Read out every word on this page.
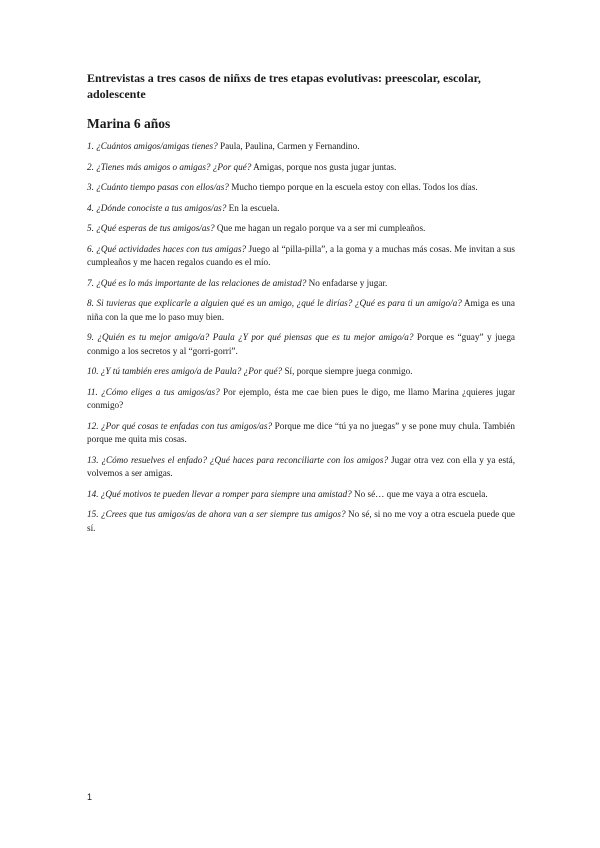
Entrevistas a tres casos de niñxs de tres etapas evolutivas: preescolar, escolar, adolescente
Marina 6 años

1. ¿Cuántos amigos/amigas tienes? Paula, Paulina, Carmen y Fernandino.

2. ¿Tienes más amigos o amigas? ¿Por qué? Amigas, porque nos gusta jugar juntas.

3. ¿Cuánto tiempo pasas con ellos/as? Mucho tiempo porque en la escuela estoy con ellas. Todos los días.

4. ¿Dónde conociste a tus amigos/as? En la escuela.

5. ¿Qué esperas de tus amigos/as? Que me hagan un regalo porque va a ser mi cumpleaños.

6. ¿Qué actividades haces con tus amigas? Juego al “pilla-pilla”, a la goma y a muchas más cosas. Me invitan a sus cumpleaños y me hacen regalos cuando es el mío.

7. ¿Qué es lo más importante de las relaciones de amistad? No enfadarse y jugar.

8. Si tuvieras que explicarle a alguien qué es un amigo, ¿qué le dirías? ¿Qué es para ti un amigo/a? Amiga es una niña con la que me lo paso muy bien.

9. ¿Quién es tu mejor amigo/a? Paula ¿Y por qué piensas que es tu mejor amigo/a? Porque es “guay” y juega conmigo a los secretos y al “gorri-gorri”.

10. ¿Y tú también eres amigo/a de Paula? ¿Por qué? Sí, porque siempre juega conmigo.

11. ¿Cómo eliges a tus amigos/as? Por ejemplo, ésta me cae bien pues le digo, me llamo Marina ¿quieres jugar conmigo?

12. ¿Por qué cosas te enfadas con tus amigos/as? Porque me dice “tú ya no juegas” y se pone muy chula. También porque me quita mis cosas.

13. ¿Cómo resuelves el enfado? ¿Qué haces para reconciliarte con los amigos? Jugar otra vez con ella y ya está, volvemos a ser amigas.

14. ¿Qué motivos te pueden llevar a romper para siempre una amistad? No sé… que me vaya a otra escuela.

15. ¿Crees que tus amigos/as de ahora van a ser siempre tus amigos? No sé, si no me voy a otra escuela puede que sí.

1
